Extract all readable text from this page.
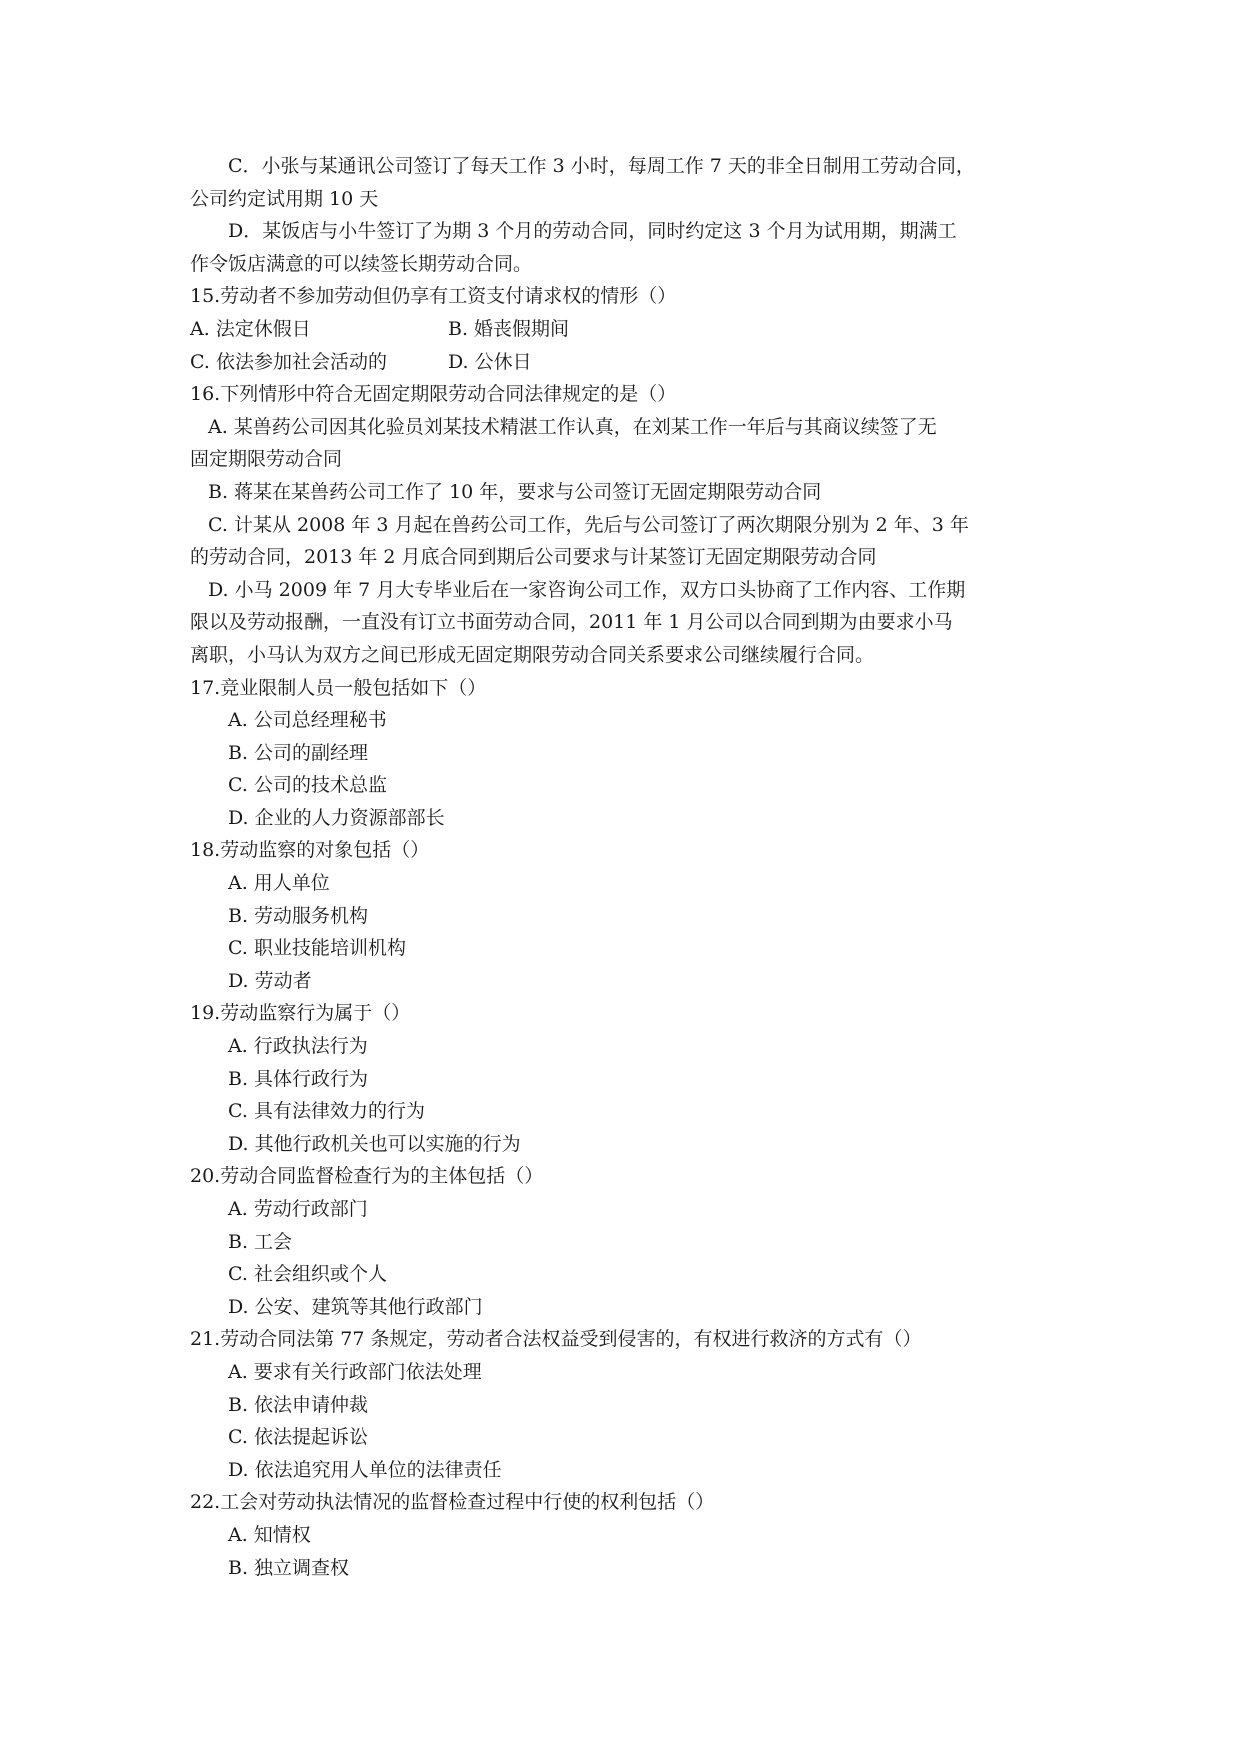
C．小张与某通讯公司签订了每天工作 3 小时，每周工作 7 天的非全日制用工劳动合同，
公司约定试用期 10 天
D．某饭店与小牛签订了为期 3 个月的劳动合同，同时约定这 3 个月为试用期，期满工
作令饭店满意的可以续签长期劳动合同。
15.劳动者不参加劳动但仍享有工资支付请求权的情形（）
A. 法定休假日	B. 婚丧假期间
C. 依法参加社会活动的	D. 公休日
16.下列情形中符合无固定期限劳动合同法律规定的是（）
A. 某兽药公司因其化验员刘某技术精湛工作认真，在刘某工作一年后与其商议续签了无
固定期限劳动合同
B. 蒋某在某兽药公司工作了 10 年，要求与公司签订无固定期限劳动合同
C. 计某从 2008 年 3 月起在兽药公司工作，先后与公司签订了两次期限分别为 2 年、3 年
的劳动合同，2013 年 2 月底合同到期后公司要求与计某签订无固定期限劳动合同
D. 小马 2009 年 7 月大专毕业后在一家咨询公司工作，双方口头协商了工作内容、工作期
限以及劳动报酬，一直没有订立书面劳动合同，2011 年 1 月公司以合同到期为由要求小马
离职，小马认为双方之间已形成无固定期限劳动合同关系要求公司继续履行合同。
17.竞业限制人员一般包括如下（）
A. 公司总经理秘书
B. 公司的副经理
C. 公司的技术总监
D. 企业的人力资源部部长
18.劳动监察的对象包括（）
A. 用人单位
B. 劳动服务机构
C. 职业技能培训机构
D. 劳动者
19.劳动监察行为属于（）
A. 行政执法行为
B. 具体行政行为
C. 具有法律效力的行为
D. 其他行政机关也可以实施的行为
20.劳动合同监督检查行为的主体包括（）
A. 劳动行政部门
B. 工会
C. 社会组织或个人
D. 公安、建筑等其他行政部门
21.劳动合同法第 77 条规定，劳动者合法权益受到侵害的，有权进行救济的方式有（）
A. 要求有关行政部门依法处理
B. 依法申请仲裁
C. 依法提起诉讼
D. 依法追究用人单位的法律责任
22.工会对劳动执法情况的监督检查过程中行使的权利包括（）
A. 知情权
B. 独立调查权
